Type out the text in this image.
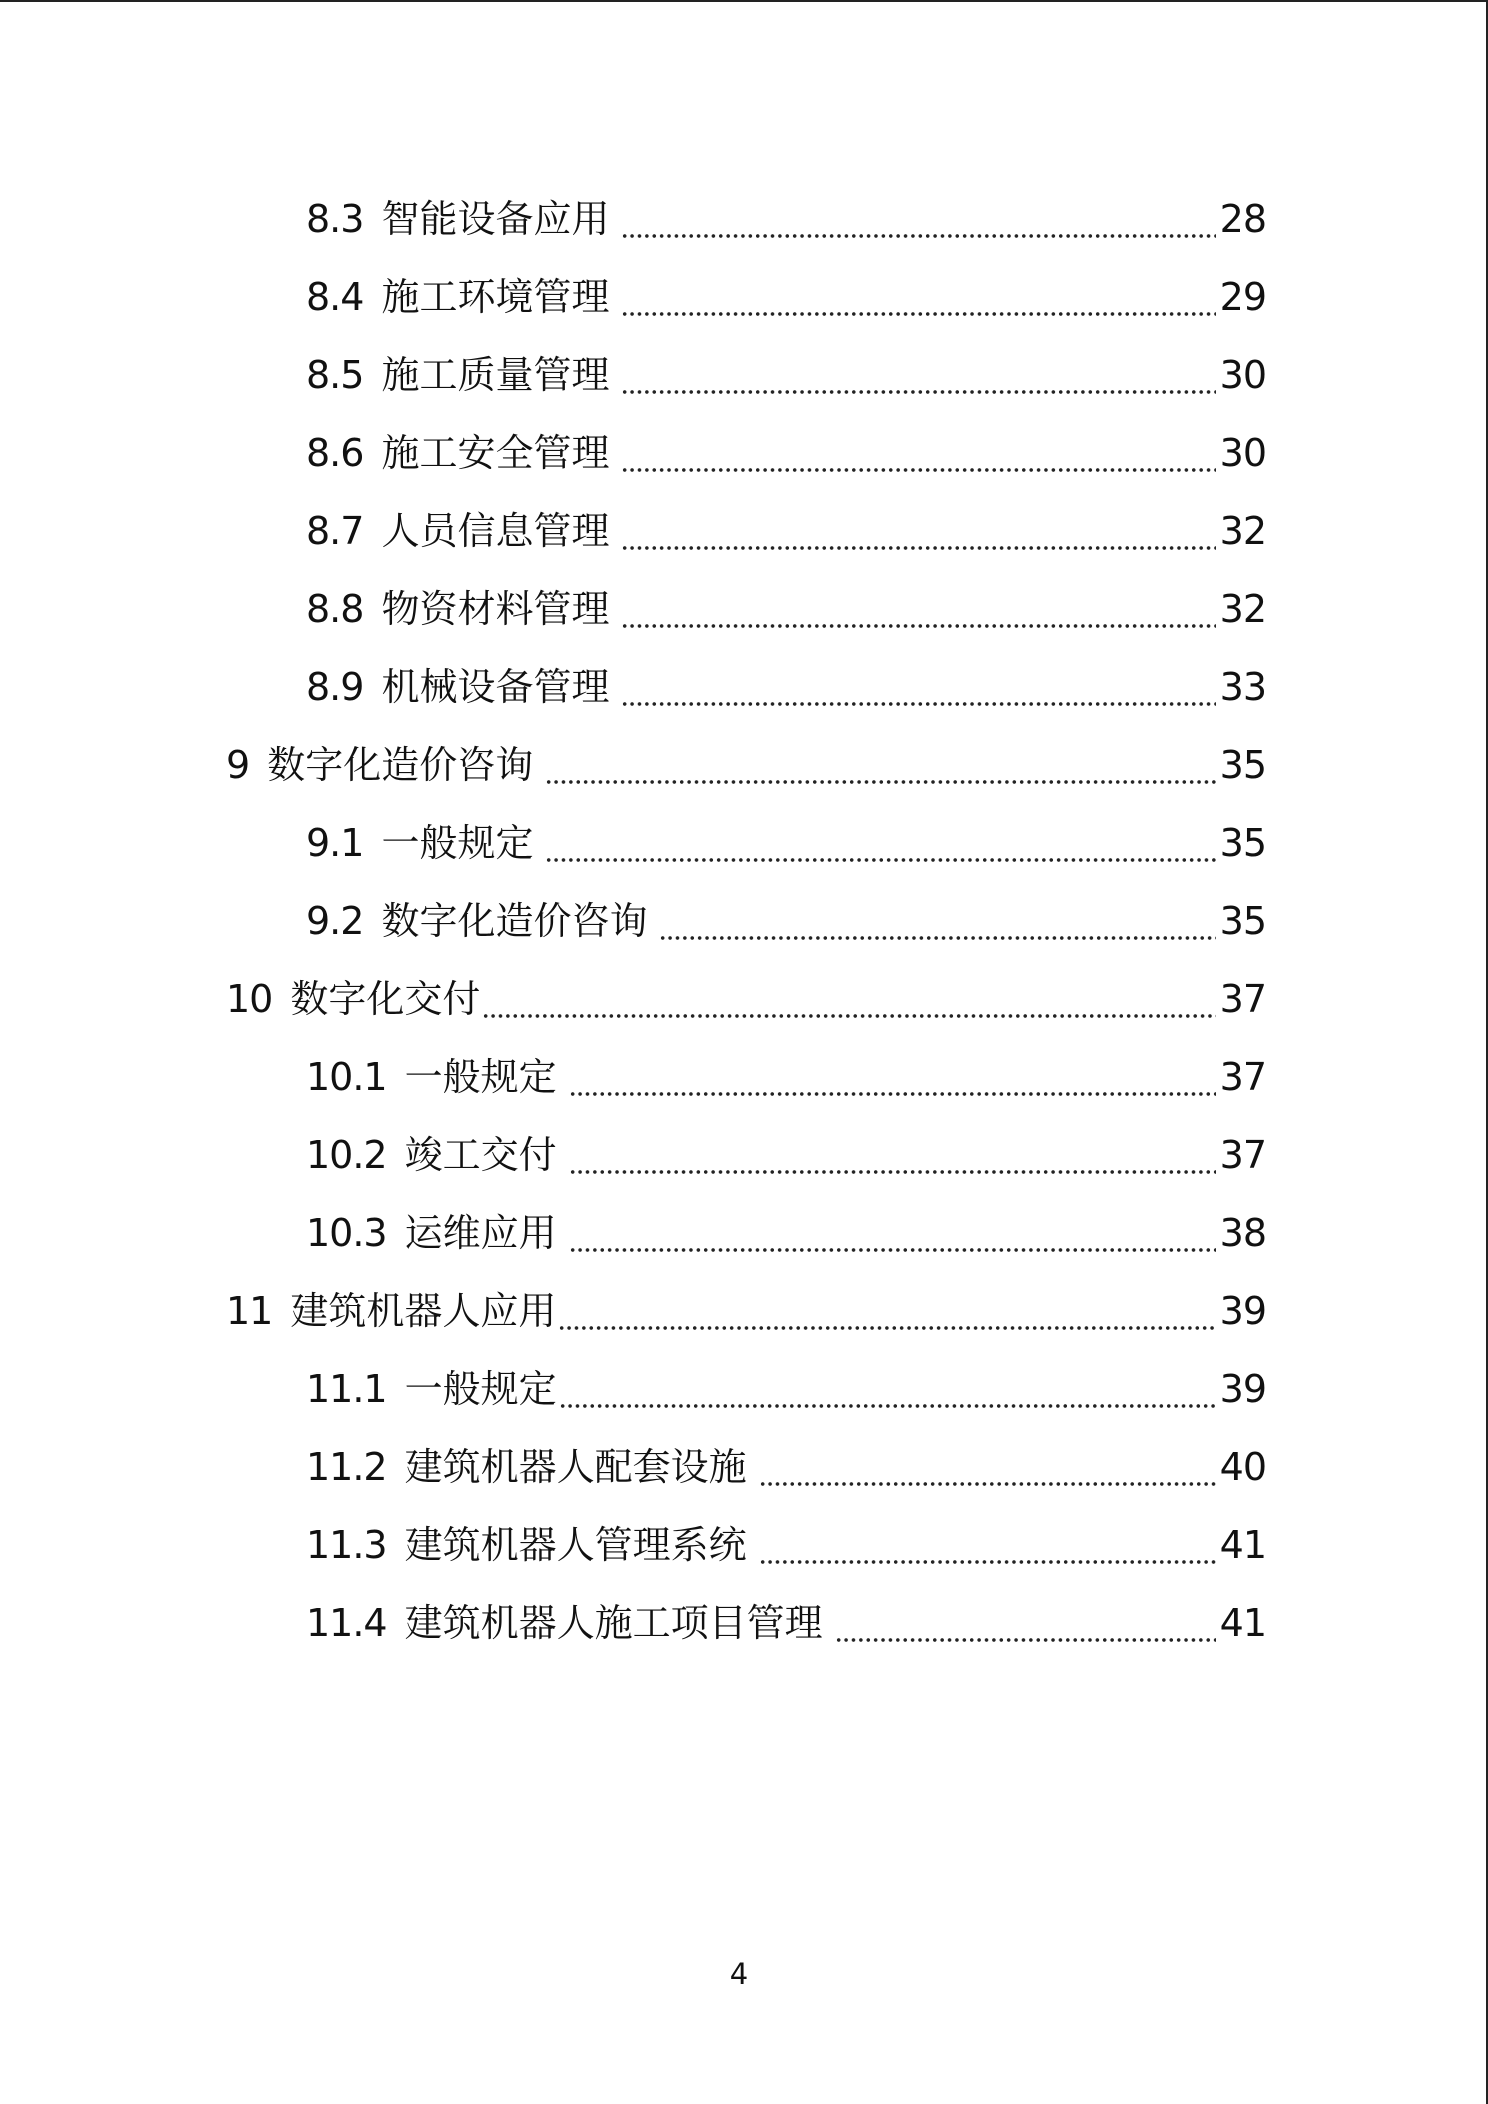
8.3 智能设备应用	28
8.4 施工环境管理	29
8.5 施工质量管理	30
8.6 施工安全管理	30
8.7 人员信息管理	32
8.8 物资材料管理	32
8.9 机械设备管理	33
9 数字化造价咨询	35
9.1 一般规定	35
9.2 数字化造价咨询	35
10 数字化交付	37
10.1 一般规定	37
10.2 竣工交付	37
10.3 运维应用	38
11 建筑机器人应用	39
11.1 一般规定	39
11.2 建筑机器人配套设施	40
11.3 建筑机器人管理系统	41
11.4 建筑机器人施工项目管理	41
4
